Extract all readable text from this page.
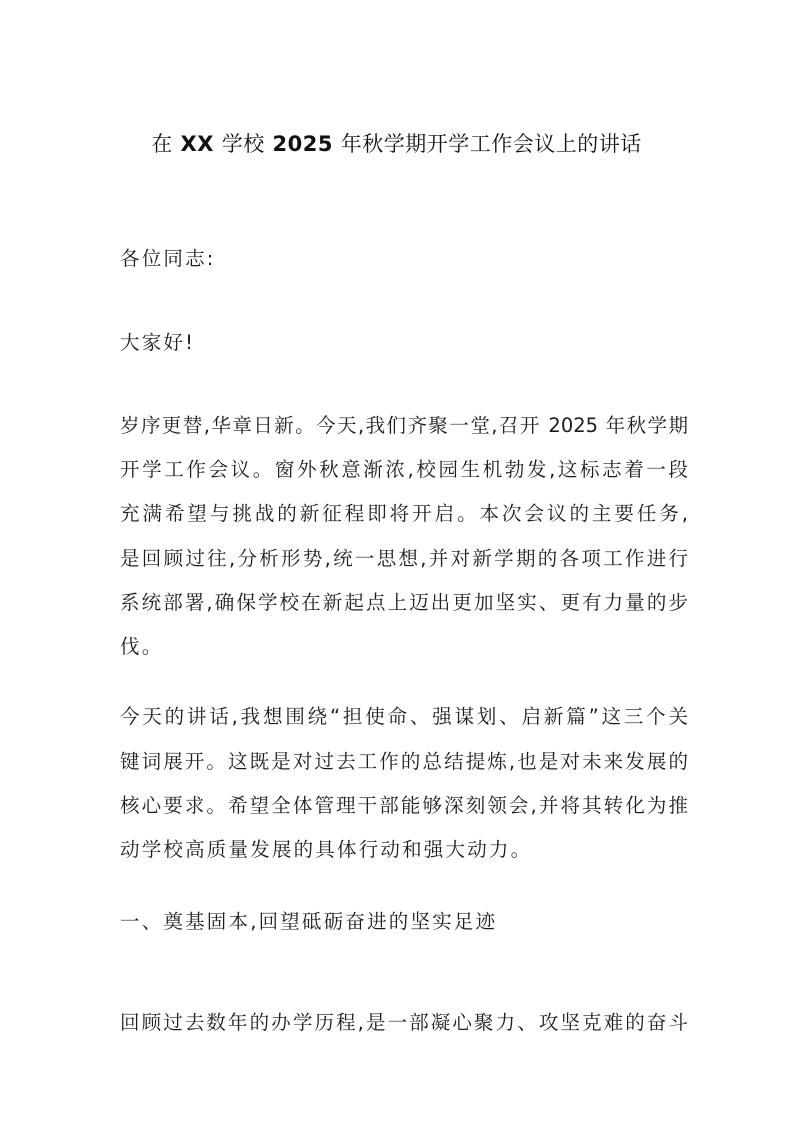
在 XX 学校 2025 年秋学期开学工作会议上的讲话
各位同志:
大家好!
岁序更替,华章日新。今天,我们齐聚一堂,召开 2025 年秋学期
开学工作会议。窗外秋意渐浓,校园生机勃发,这标志着一段
充满希望与挑战的新征程即将开启。本次会议的主要任务,
是回顾过往,分析形势,统一思想,并对新学期的各项工作进行
系统部署,确保学校在新起点上迈出更加坚实、更有力量的步
伐。
今天的讲话,我想围绕“担使命、强谋划、启新篇”这三个关
键词展开。这既是对过去工作的总结提炼,也是对未来发展的
核心要求。希望全体管理干部能够深刻领会,并将其转化为推
动学校高质量发展的具体行动和强大动力。
一、奠基固本,回望砥砺奋进的坚实足迹
回顾过去数年的办学历程,是一部凝心聚力、攻坚克难的奋斗
